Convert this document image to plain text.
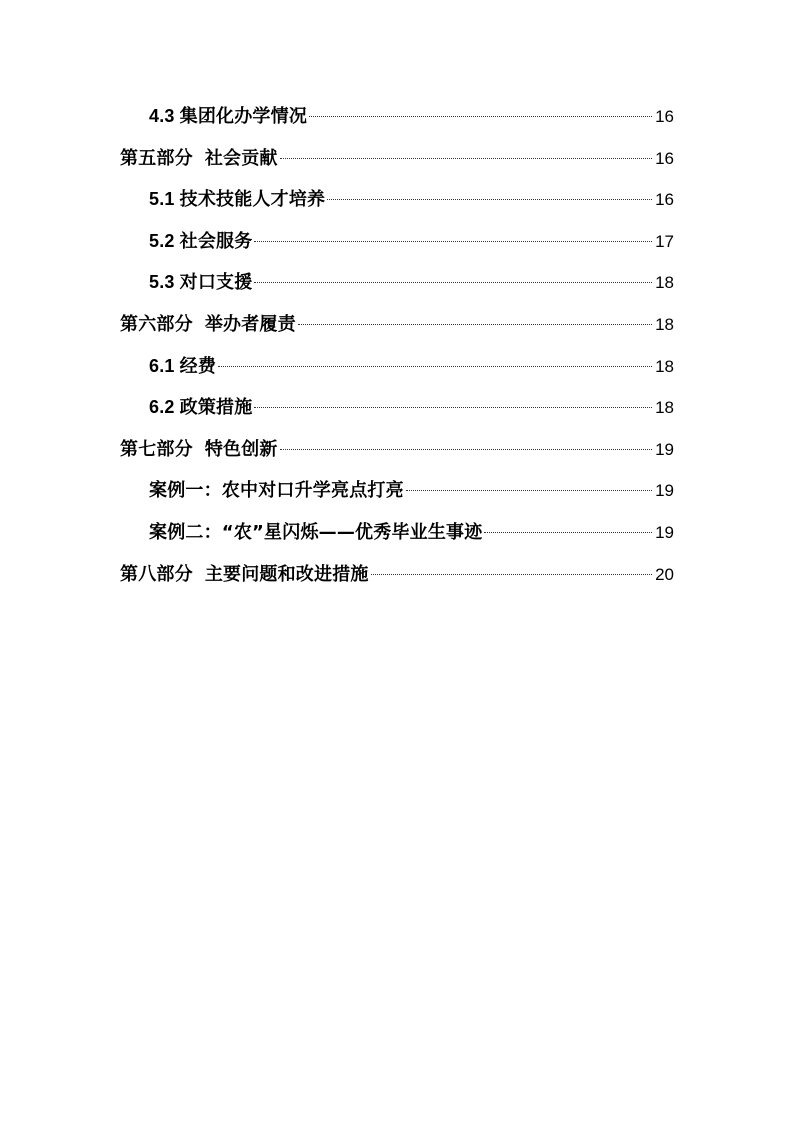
4.3 集团化办学情况	16
第五部分 社会贡献	16
5.1 技术技能人才培养	16
5.2 社会服务	17
5.3 对口支援	18
第六部分 举办者履责	18
6.1 经费	18
6.2 政策措施	18
第七部分 特色创新	19
案例一：农中对口升学亮点打亮	19
案例二：“农”星闪烁——优秀毕业生事迹	19
第八部分 主要问题和改进措施	20
